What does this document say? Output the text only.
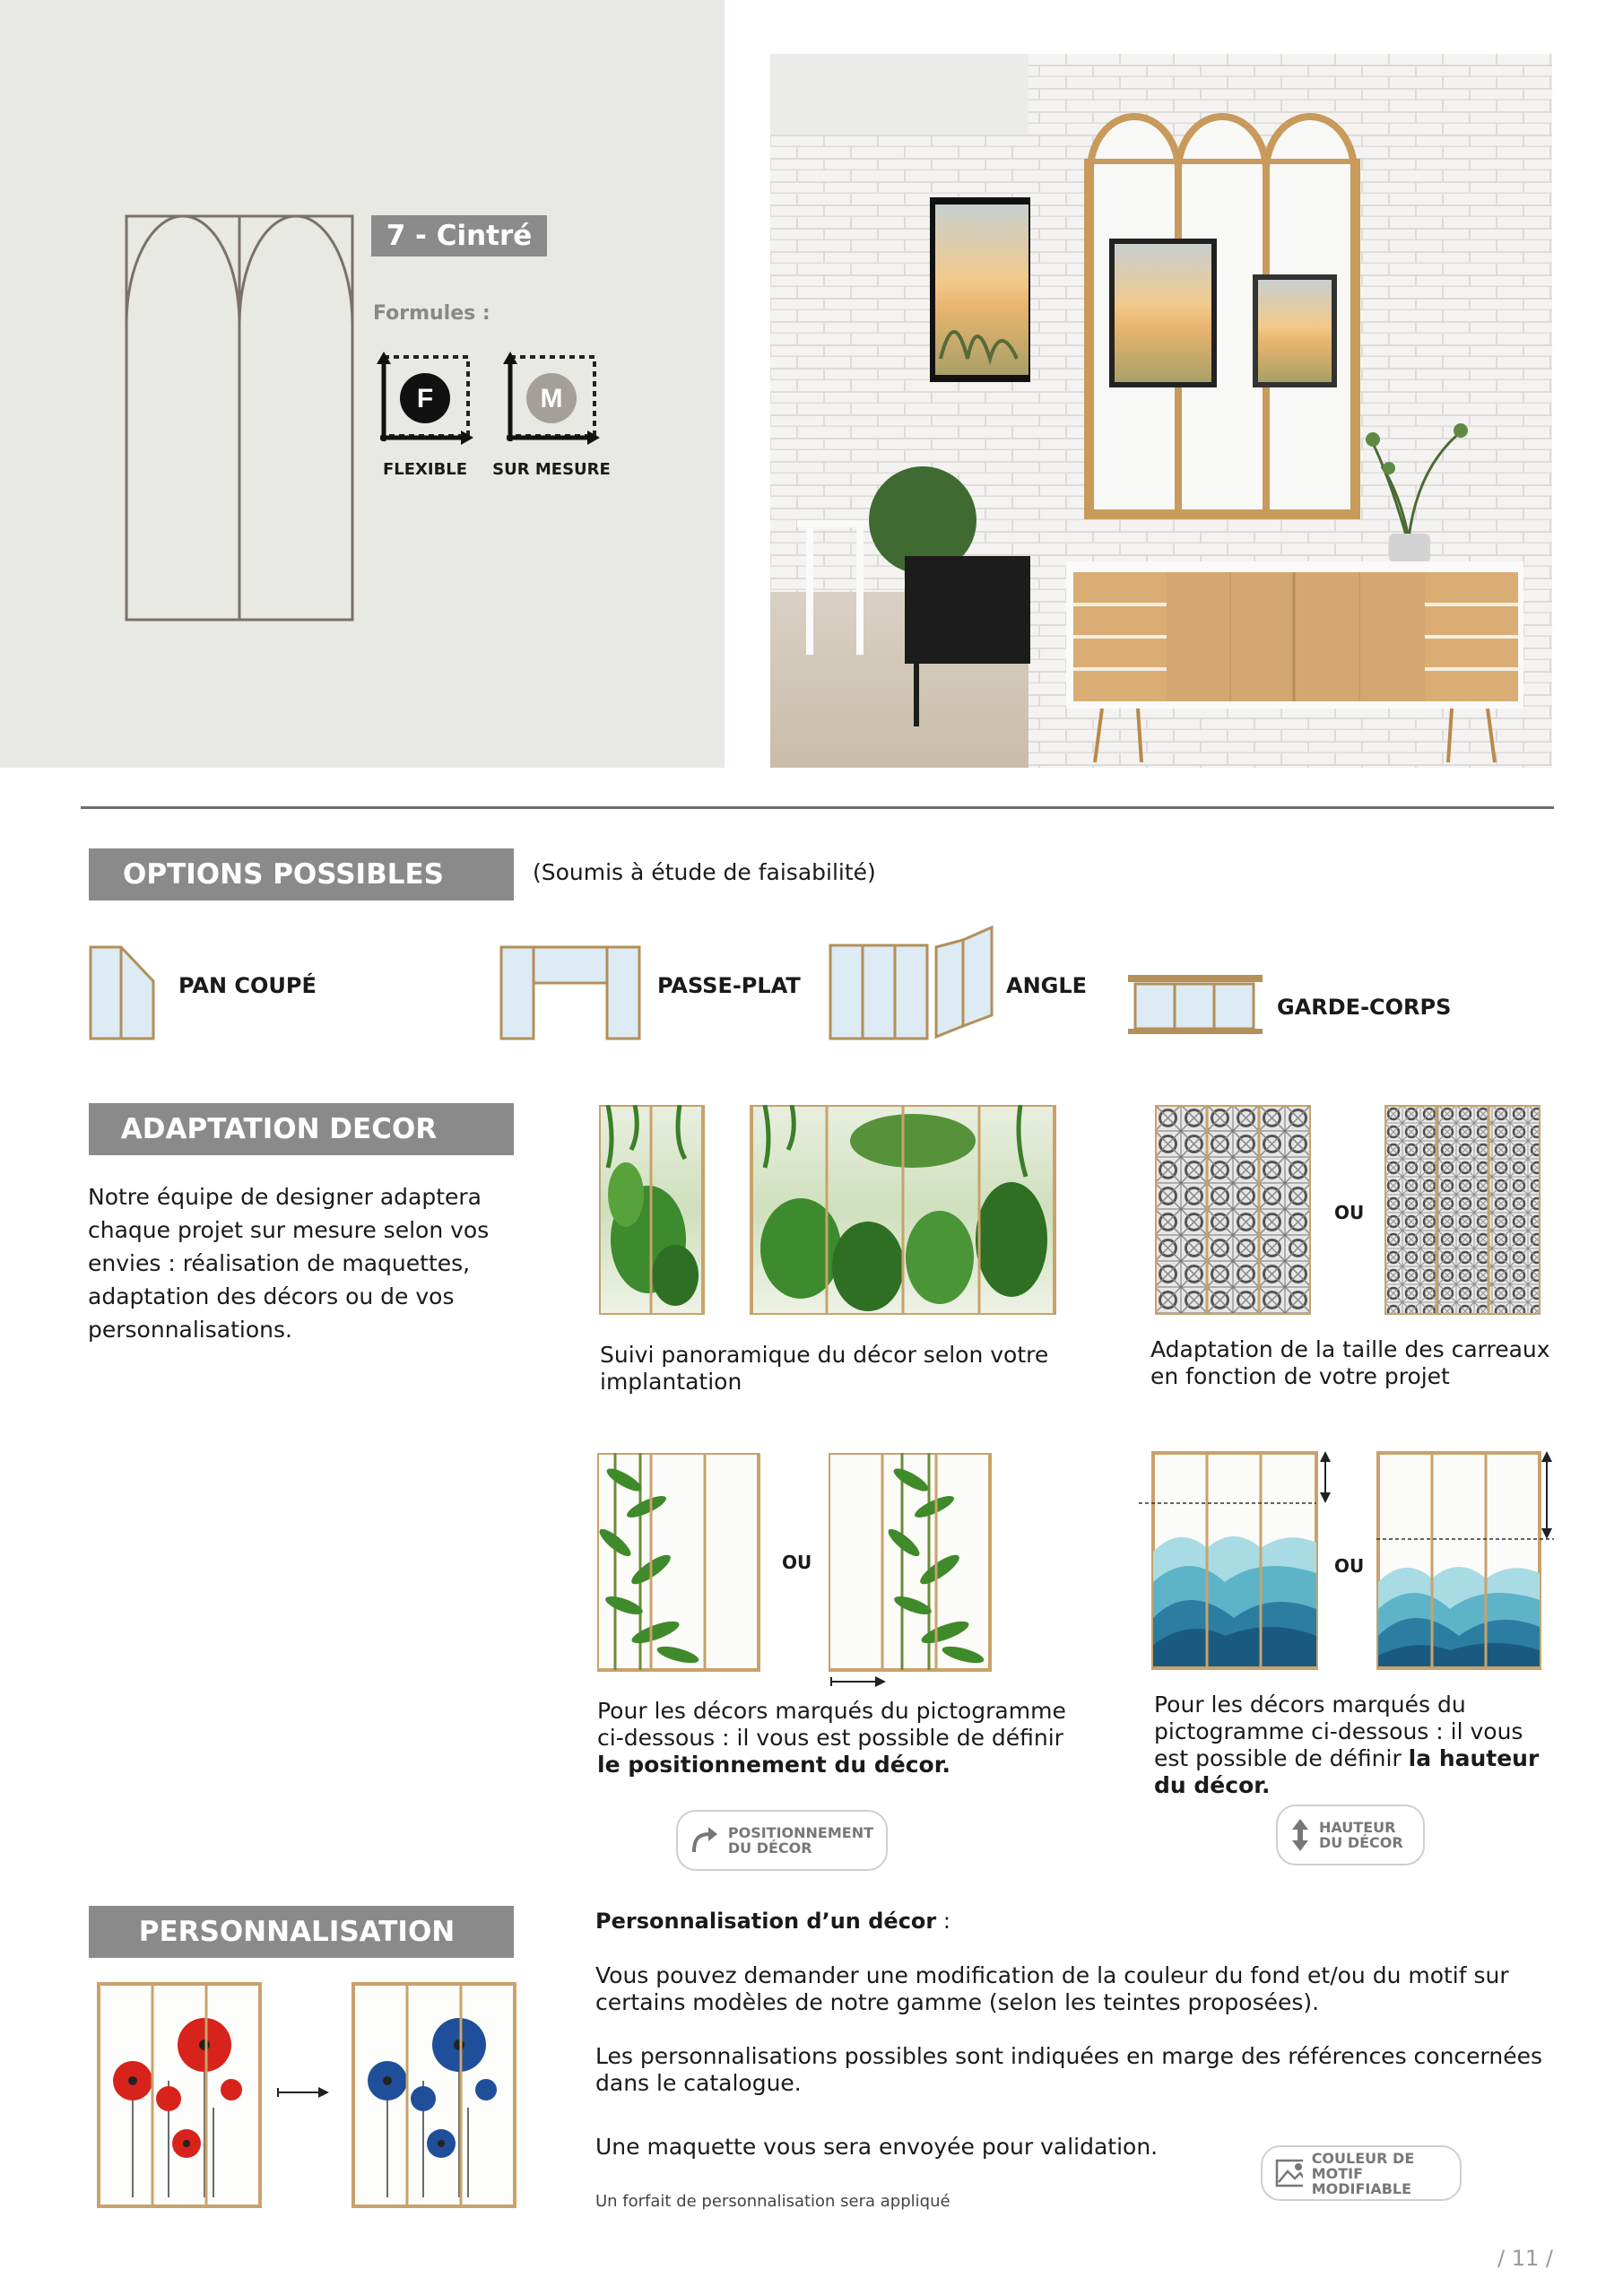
7 - Cintré
Formules :
F
FLEXIBLE
M
SUR MESURE
OPTIONS POSSIBLES	(Soumis à étude de faisabilité)
PAN COUPÉ	PASSE-PLAT	ANGLE
GARDE-CORPS
ADAPTATION DECOR
Notre équipe de designer adaptera chaque projet sur mesure selon vos envies : réalisation de maquettes, adaptation des décors ou de vos personnalisations.
Suivi panoramique du décor selon votre implantation
OU
Adaptation de la taille des carreaux en fonction de votre projet
OU
Pour les décors marqués du pictogramme ci-dessous : il vous est possible de définir le positionnement du décor.
POSITIONNEMENT
DU DÉCOR
OU
Pour les décors marqués du pictogramme ci-dessous : il vous est possible de définir la hauteur du décor.
HAUTEUR
DU DÉCOR
PERSONNALISATION	Personnalisation d’un décor :
Vous pouvez demander une modification de la couleur du fond et/ou du motif sur certains modèles de notre gamme (selon les teintes proposées).
Les personnalisations possibles sont indiquées en marge des références concernées dans le catalogue.
Une maquette vous sera envoyée pour validation.
Un forfait de personnalisation sera appliqué
COULEUR DE MOTIF
MODIFIABLE
/ 11 /
